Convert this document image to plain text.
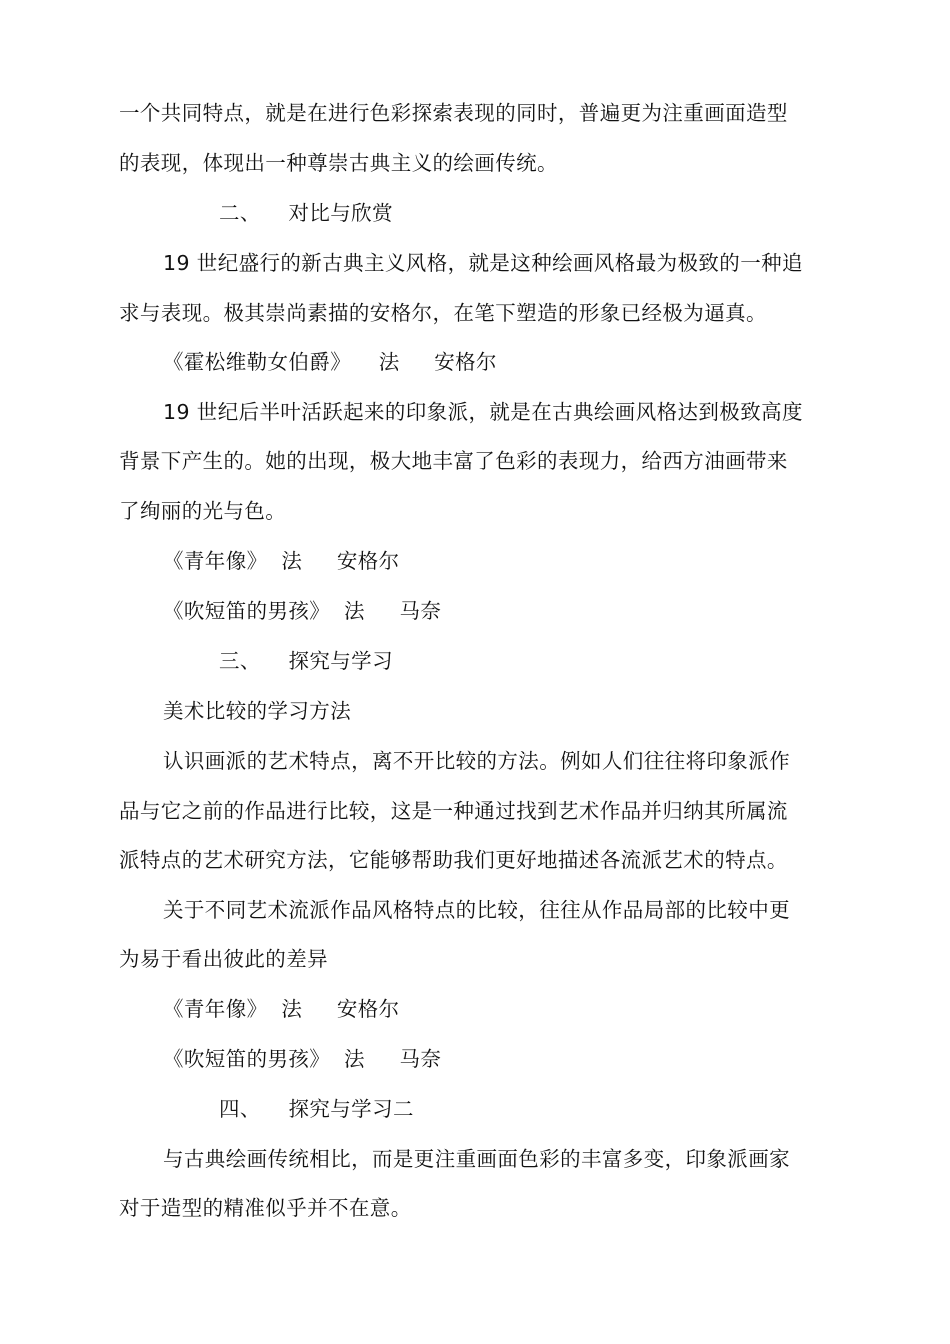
一个共同特点，就是在进行色彩探索表现的同时，普遍更为注重画面造型
的表现，体现出一种尊崇古典主义的绘画传统。
二、    对比与欣赏
19 世纪盛行的新古典主义风格，就是这种绘画风格最为极致的一种追
求与表现。极其崇尚素描的安格尔，在笔下塑造的形象已经极为逼真。
《霍松维勒女伯爵》    法     安格尔
19 世纪后半叶活跃起来的印象派，就是在古典绘画风格达到极致高度
背景下产生的。她的出现，极大地丰富了色彩的表现力，给西方油画带来
了绚丽的光与色。
《青年像》  法     安格尔
《吹短笛的男孩》  法     马奈
三、    探究与学习
美术比较的学习方法
认识画派的艺术特点，离不开比较的方法。例如人们往往将印象派作
品与它之前的作品进行比较，这是一种通过找到艺术作品并归纳其所属流
派特点的艺术研究方法，它能够帮助我们更好地描述各流派艺术的特点。
关于不同艺术流派作品风格特点的比较，往往从作品局部的比较中更
为易于看出彼此的差异
《青年像》  法     安格尔
《吹短笛的男孩》  法     马奈
四、    探究与学习二
与古典绘画传统相比，而是更注重画面色彩的丰富多变，印象派画家
对于造型的精准似乎并不在意。
